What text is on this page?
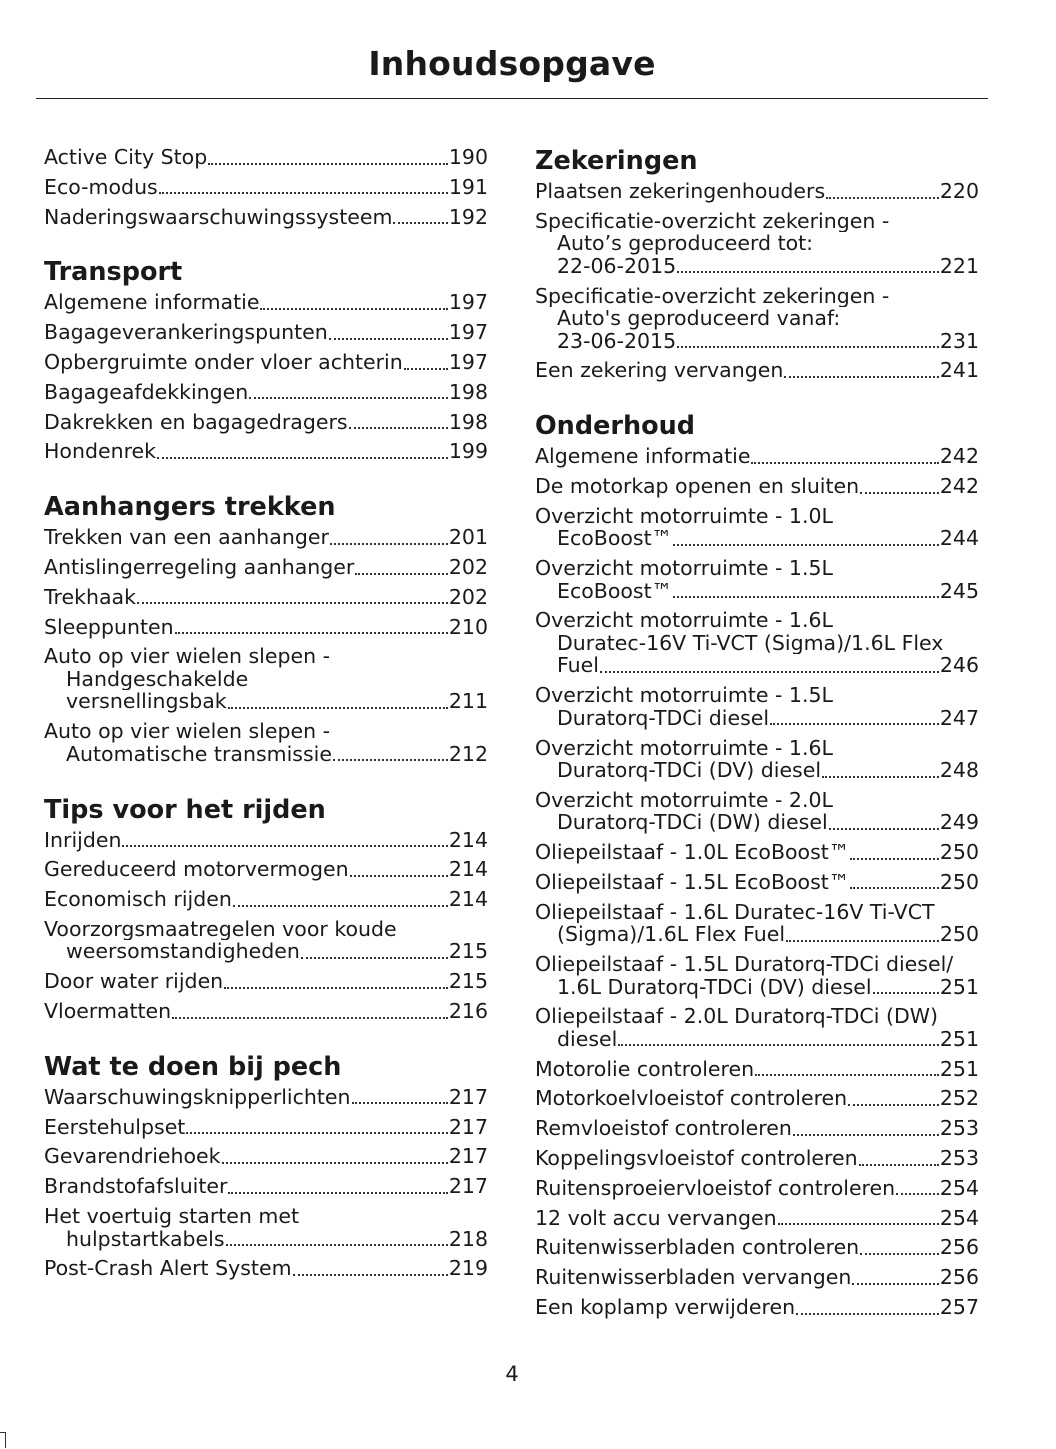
Inhoudsopgave
Active City Stop	190
Eco-modus	191
Naderingswaarschuwingssysteem	192
Transport
Algemene informatie	197
Bagageverankeringspunten	197
Opbergruimte onder vloer achterin 197
Bagageafdekkingen	198
Dakrekken en bagagedragers	198
Hondenrek	199
Aanhangers trekken
Trekken van een aanhanger	201
Antislingerregeling aanhanger	202
Trekhaak	202
Sleeppunten	210
Auto op vier wielen slepen -
Handgeschakelde
versnellingsbak	211
Auto op vier wielen slepen -
Automatische transmissie	212
Tips voor het rijden
Inrijden	214
Gereduceerd motorvermogen	214
Economisch rijden	214
Voorzorgsmaatregelen voor koude
weersomstandigheden	215
Door water rijden	215
Vloermatten	216
Wat te doen bij pech
Waarschuwingsknipperlichten	217
Eerstehulpset	217
Gevarendriehoek	217
Brandstofafsluiter	217
Het voertuig starten met
hulpstartkabels	218
Post-Crash Alert System	219
Zekeringen
Plaatsen zekeringenhouders	220
Specificatie-overzicht zekeringen -
Auto’s geproduceerd tot:
22-06-2015	221
Specificatie-overzicht zekeringen -
Auto's geproduceerd vanaf:
23-06-2015	231
Een zekering vervangen	241
Onderhoud
Algemene informatie	242
De motorkap openen en sluiten	242
Overzicht motorruimte - 1.0L
EcoBoost™	244
Overzicht motorruimte - 1.5L
EcoBoost™	245
Overzicht motorruimte - 1.6L
Duratec-16V Ti-VCT (Sigma)/1.6L Flex
Fuel	246
Overzicht motorruimte - 1.5L
Duratorq-TDCi diesel	247
Overzicht motorruimte - 1.6L
Duratorq-TDCi (DV) diesel	248
Overzicht motorruimte - 2.0L
Duratorq-TDCi (DW) diesel	249
Oliepeilstaaf - 1.0L EcoBoost™	250
Oliepeilstaaf - 1.5L EcoBoost™	250
Oliepeilstaaf - 1.6L Duratec-16V Ti-VCT
(Sigma)/1.6L Flex Fuel	250
Oliepeilstaaf - 1.5L Duratorq-TDCi diesel/
1.6L Duratorq-TDCi (DV) diesel	251
Oliepeilstaaf - 2.0L Duratorq-TDCi (DW)
diesel	251
Motorolie controleren	251
Motorkoelvloeistof controleren	252
Remvloeistof controleren	253
Koppelingsvloeistof controleren	253
Ruitensproeiervloeistof controleren 254
12 volt accu vervangen	254
Ruitenwisserbladen controleren	256
Ruitenwisserbladen vervangen	256
Een koplamp verwijderen	257
4
